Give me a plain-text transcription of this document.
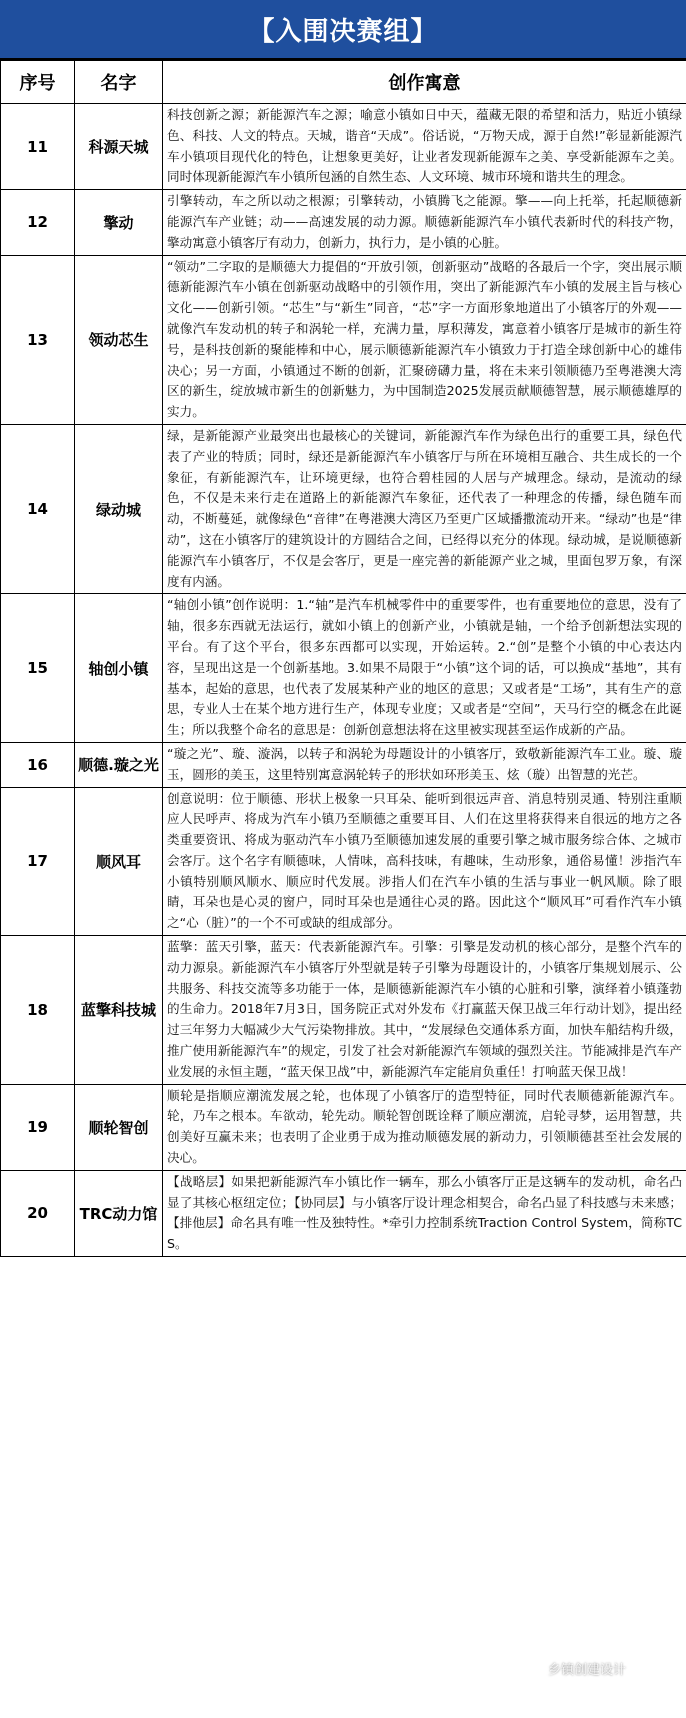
【入围决赛组】
序号	名字	创作寓意
11	科源天城	科技创新之源；新能源汽车之源；喻意小镇如日中天，蕴藏无限的希望和活力，贴近小镇绿色、科技、人文的特点。天城，谐音“天成”。俗话说，“万物天成，源于自然!”彰显新能源汽车小镇项目现代化的特色，让想象更美好，让业者发现新能源车之美、享受新能源车之美。同时体现新能源汽车小镇所包涵的自然生态、人文环境、城市环境和谐共生的理念。
12	擎动	引擎转动，车之所以动之根源；引擎转动，小镇腾飞之能源。擎——向上托举，托起顺德新能源汽车产业链；动——高速发展的动力源。顺德新能源汽车小镇代表新时代的科技产物，擎动寓意小镇客厅有动力，创新力，执行力，是小镇的心脏。
13	领动芯生	“领动”二字取的是顺德大力提倡的“开放引领，创新驱动”战略的各最后一个字，突出展示顺德新能源汽车小镇在创新驱动战略中的引领作用，突出了新能源汽车小镇的发展主旨与核心文化——创新引领。“芯生”与“新生”同音，“芯”字一方面形象地道出了小镇客厅的外观——就像汽车发动机的转子和涡轮一样，充满力量，厚积薄发，寓意着小镇客厅是城市的新生符号，是科技创新的聚能棒和中心，展示顺德新能源汽车小镇致力于打造全球创新中心的雄伟决心；另一方面，小镇通过不断的创新，汇聚磅礴力量，将在未来引领顺德乃至粤港澳大湾区的新生，绽放城市新生的创新魅力，为中国制造2025发展贡献顺德智慧，展示顺德雄厚的实力。
14	绿动城	绿，是新能源产业最突出也最核心的关键词，新能源汽车作为绿色出行的重要工具，绿色代表了产业的特质；同时，绿还是新能源汽车小镇客厅与所在环境相互融合、共生成长的一个象征，有新能源汽车，让环境更绿，也符合碧桂园的人居与产城理念。绿动，是流动的绿色，不仅是未来行走在道路上的新能源汽车象征，还代表了一种理念的传播，绿色随车而动，不断蔓延，就像绿色“音律”在粤港澳大湾区乃至更广区域播撒流动开来。“绿动”也是“律动”，这在小镇客厅的建筑设计的方圆结合之间，已经得以充分的体现。绿动城，是说顺德新能源汽车小镇客厅，不仅是会客厅，更是一座完善的新能源产业之城，里面包罗万象，有深度有内涵。
15	轴创小镇	“轴创小镇”创作说明：1.“轴”是汽车机械零件中的重要零件，也有重要地位的意思，没有了轴，很多东西就无法运行，就如小镇上的创新产业，小镇就是轴，一个给予创新想法实现的平台。有了这个平台，很多东西都可以实现，开始运转。2.“创”是整个小镇的中心表达内容，呈现出这是一个创新基地。3.如果不局限于“小镇”这个词的话，可以换成“基地”，其有基本，起始的意思，也代表了发展某种产业的地区的意思；又或者是“工场”，其有生产的意思，专业人士在某个地方进行生产，体现专业度；又或者是“空间”，天马行空的概念在此诞生；所以我整个命名的意思是：创新创意想法将在这里被实现甚至运作成新的产品。
16	顺德.璇之光	“璇之光”、璇、漩涡，以转子和涡轮为母题设计的小镇客厅，致敬新能源汽车工业。璇、璇玉，圆形的美玉，这里特别寓意涡轮转子的形状如环形美玉、炫（璇）出智慧的光芒。
17	顺风耳	创意说明：位于顺德、形状上极象一只耳朵、能听到很远声音、消息特别灵通、特别注重顺应人民呼声、将成为汽车小镇乃至顺德之重要耳目、人们在这里将获得来自很远的地方之各类重要资讯、将成为驱动汽车小镇乃至顺德加速发展的重要引擎之城市服务综合体、之城市会客厅。这个名字有顺德味，人情味，高科技味，有趣味，生动形象，通俗易懂！涉指汽车小镇特别顺风顺水、顺应时代发展。涉指人们在汽车小镇的生活与事业一帆风顺。除了眼睛，耳朵也是心灵的窗户，同时耳朵也是通往心灵的路。因此这个“顺风耳”可看作汽车小镇之“心（脏）”的一个不可或缺的组成部分。
18	蓝擎科技城	蓝擎：蓝天引擎，蓝天：代表新能源汽车。引擎：引擎是发动机的核心部分，是整个汽车的动力源泉。新能源汽车小镇客厅外型就是转子引擎为母题设计的，小镇客厅集规划展示、公共服务、科技交流等多功能于一体，是顺德新能源汽车小镇的心脏和引擎，演绎着小镇蓬勃的生命力。2018年7月3日，国务院正式对外发布《打赢蓝天保卫战三年行动计划》，提出经过三年努力大幅减少大气污染物排放。其中，“发展绿色交通体系方面，加快车船结构升级，推广使用新能源汽车”的规定，引发了社会对新能源汽车领域的强烈关注。节能减排是汽车产业发展的永恒主题，“蓝天保卫战”中，新能源汽车定能肩负重任！打响蓝天保卫战！
19	顺轮智创	顺轮是指顺应潮流发展之轮，也体现了小镇客厅的造型特征，同时代表顺德新能源汽车。轮，乃车之根本。车欲动，轮先动。顺轮智创既诠释了顺应潮流，启轮寻梦，运用智慧，共创美好互赢未来；也表明了企业勇于成为推动顺德发展的新动力，引领顺德甚至社会发展的决心。
20	TRC动力馆	【战略层】如果把新能源汽车小镇比作一辆车，那么小镇客厅正是这辆车的发动机，命名凸显了其核心枢纽定位；【协同层】与小镇客厅设计理念相契合，命名凸显了科技感与未来感；【排他层】命名具有唯一性及独特性。*牵引力控制系统Traction Control System，简称TCS。
乡镇创建设计
